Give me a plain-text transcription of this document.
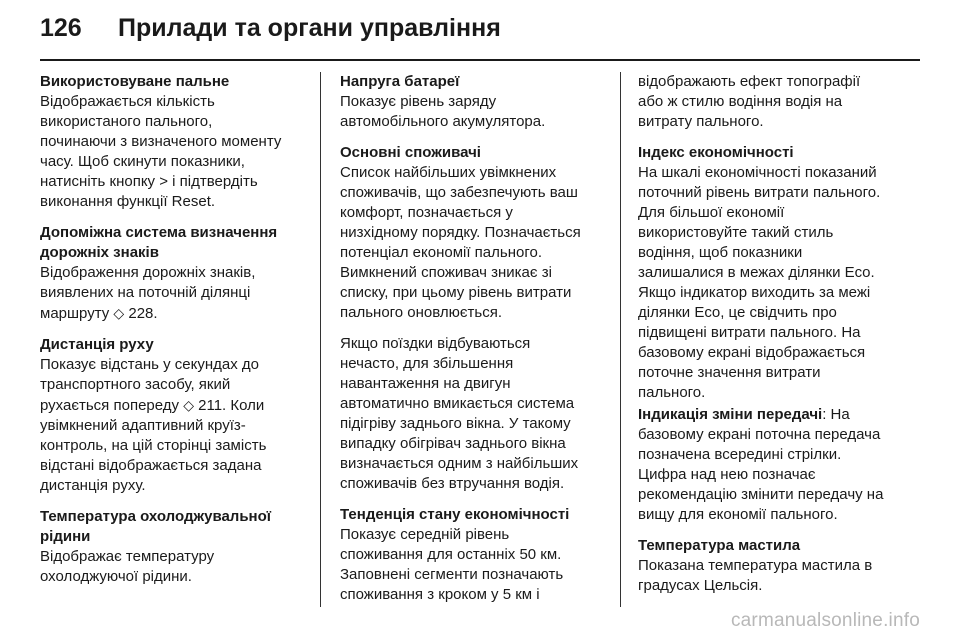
126	Прилади та органи управління
Використовуване пальне
Відображається кількість
використаного пального,
починаючи з визначеного моменту
часу. Щоб скинути показники,
натисніть кнопку > і підтвердіть
виконання функції Reset.
Допоміжна система визначення
дорожніх знаків
Відображення дорожніх знаків,
виявлених на поточній ділянці
маршруту ◇ 228.
Дистанція руху
Показує відстань у секундах до
транспортного засобу, який
рухається попереду ◇ 211. Коли
увімкнений адаптивний круїз-
контроль, на цій сторінці замість
відстані відображається задана
дистанція руху.
Температура охолоджувальної
рідини
Відображає температуру
охолоджуючої рідини.
Напруга батареї
Показує рівень заряду
автомобільного акумулятора.
Основні споживачі
Список найбільших увімкнених
споживачів, що забезпечують ваш
комфорт, позначається у
низхідному порядку. Позначається
потенціал економії пального.
Вимкнений споживач зникає зі
списку, при цьому рівень витрати
пального оновлюється.
Якщо поїздки відбуваються
нечасто, для збільшення
навантаження на двигун
автоматично вмикається система
підігріву заднього вікна. У такому
випадку обігрівач заднього вікна
визначається одним з найбільших
споживачів без втручання водія.
Тенденція стану економічності
Показує середній рівень
споживання для останніх 50 км.
Заповнені сегменти позначають
споживання з кроком у 5 км і
відображають ефект топографії
або ж стилю водіння водія на
витрату пального.
Індекс економічності
На шкалі економічності показаний
поточний рівень витрати пального.
Для більшої економії
використовуйте такий стиль
водіння, щоб показники
залишалися в межах ділянки Eco.
Якщо індикатор виходить за межі
ділянки Eco, це свідчить про
підвищені витрати пального. На
базовому екрані відображається
поточне значення витрати
пального.
Індикація зміни передачі: На
базовому екрані поточна передача
позначена всередині стрілки.
Цифра над нею позначає
рекомендацію змінити передачу на
вищу для економії пального.
Температура мастила
Показана температура мастила в
градусах Цельсія.
carmanualsonline.info
